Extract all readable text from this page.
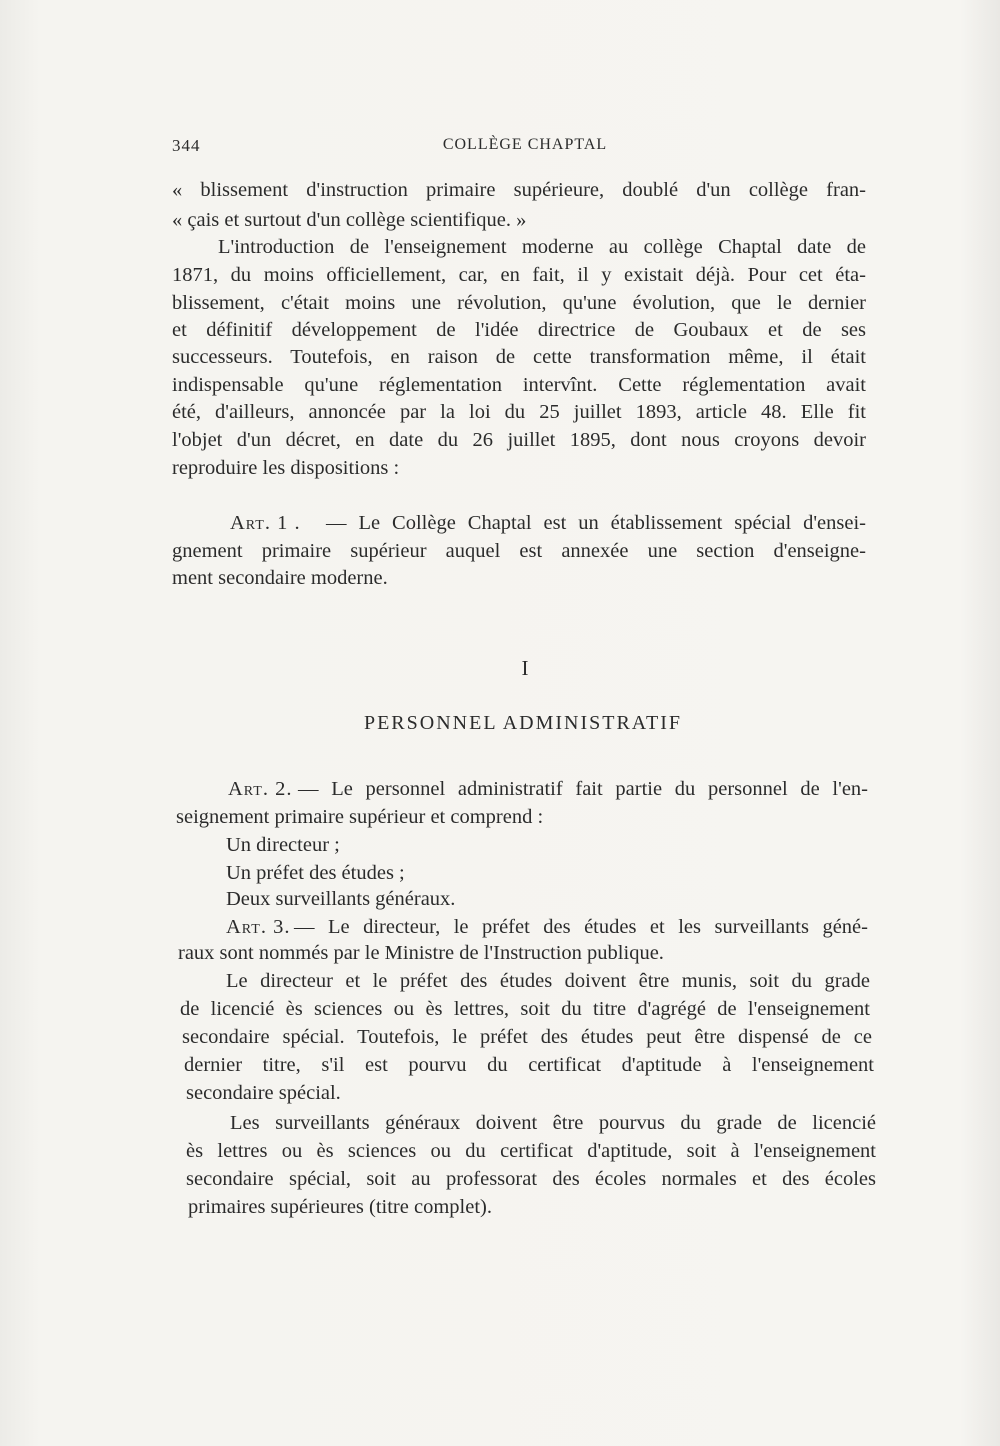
344	COLLÈGE CHAPTAL
« blissement d'instruction primaire supérieure, doublé d'un collège fran-
« çais et surtout d'un collège scientifique. »
L'introduction de l'enseignement moderne au collège Chaptal date de
1871, du moins officiellement, car, en fait, il y existait déjà. Pour cet éta-
blissement, c'était moins une révolution, qu'une évolution, que le dernier
et définitif développement de l'idée directrice de Goubaux et de ses
successeurs. Toutefois, en raison de cette transformation même, il était
indispensable qu'une réglementation intervînt. Cette réglementation avait
été, d'ailleurs, annoncée par la loi du 25 juillet 1893, article 48. Elle fit
l'objet d'un décret, en date du 26 juillet 1895, dont nous croyons devoir
reproduire les dispositions :
Art. 1 . — Le Collège Chaptal est un établissement spécial d'ensei-
gnement primaire supérieur auquel est annexée une section d'enseigne-
ment secondaire moderne.
I
PERSONNEL ADMINISTRATIF
Art. 2. — Le personnel administratif fait partie du personnel de l'en-
seignement primaire supérieur et comprend :
Un directeur ;
Un préfet des études ;
Deux surveillants généraux.
Art. 3. — Le directeur, le préfet des études et les surveillants géné-
raux sont nommés par le Ministre de l'Instruction publique.
Le directeur et le préfet des études doivent être munis, soit du grade
de licencié ès sciences ou ès lettres, soit du titre d'agrégé de l'enseignement
secondaire spécial. Toutefois, le préfet des études peut être dispensé de ce
dernier titre, s'il est pourvu du certificat d'aptitude à l'enseignement
secondaire spécial.
Les surveillants généraux doivent être pourvus du grade de licencié
ès lettres ou ès sciences ou du certificat d'aptitude, soit à l'enseignement
secondaire spécial, soit au professorat des écoles normales et des écoles
primaires supérieures (titre complet).
